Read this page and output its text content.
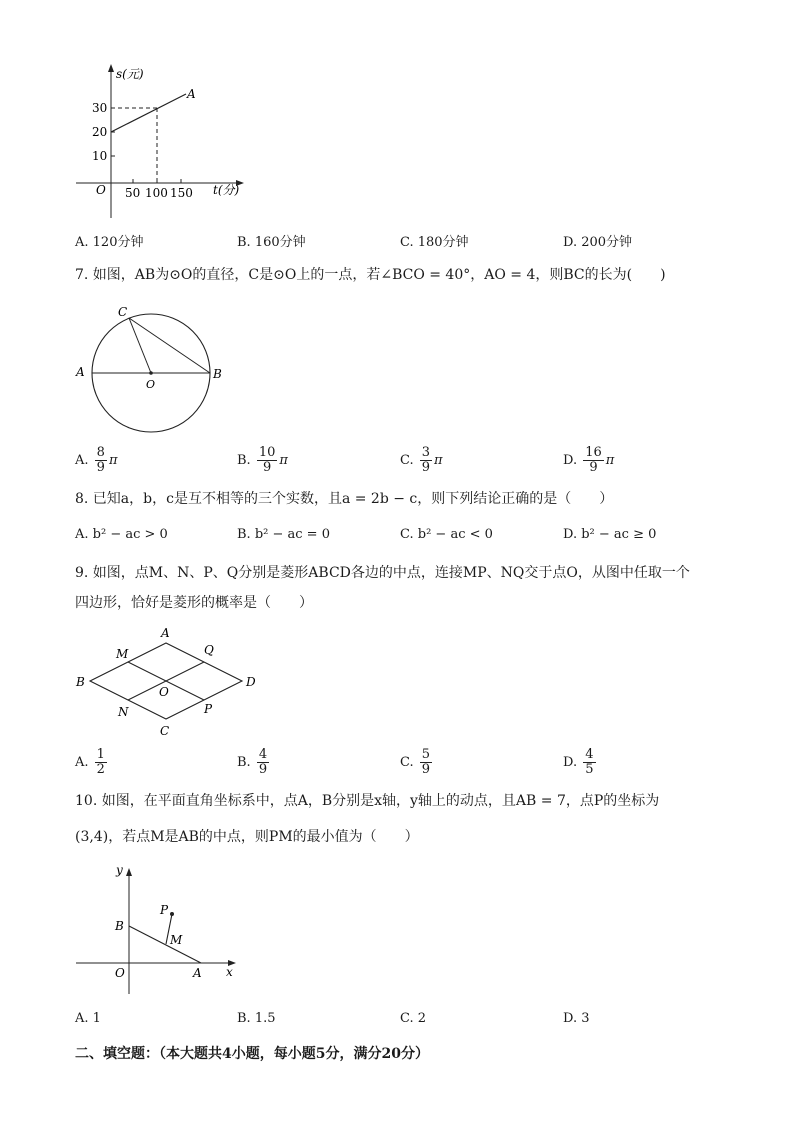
s(元)
t(分)
O
A
30
20
10
50 100 150
A. 120分钟	B. 160分钟	C. 180分钟	D. 200分钟
7. 如图，AB为⊙O的直径，C是⊙O上的一点，若∠BCO = 40°，AO = 4，则BC的长为(　　)
A	B
C
O
A. $\frac{8}{9}$ π	B. $\frac{10}{9}$ π	C. $\frac{3}{9}$ π	D. $\frac{16}{9}$ π
8. 已知a，b，c是互不相等的三个实数，且a = 2b − c，则下列结论正确的是（　　）
A. b² − ac > 0	B. b² − ac = 0	C. b² − ac < 0	D. b² − ac ≥ 0
9. 如图，点M、N、P、Q分别是菱形ABCD各边的中点，连接MP、NQ交于点O，从图中任取一个
四边形，恰好是菱形的概率是（　　）
A
B
C
D
M	Q
N	P
O
A. $\frac{1}{2}$	B. $\frac{4}{9}$	C. $\frac{5}{9}$	D. $\frac{4}{5}$
10. 如图，在平面直角坐标系中，点A，B分别是x轴，y轴上的动点，且AB = 7，点P的坐标为
(3,4)，若点M是AB的中点，则PM的最小值为（　　）
y
x
O	A
B
P
M
A. 1	B. 1.5	C. 2	D. 3
二、填空题：（本大题共4小题，每小题5分，满分20分）
